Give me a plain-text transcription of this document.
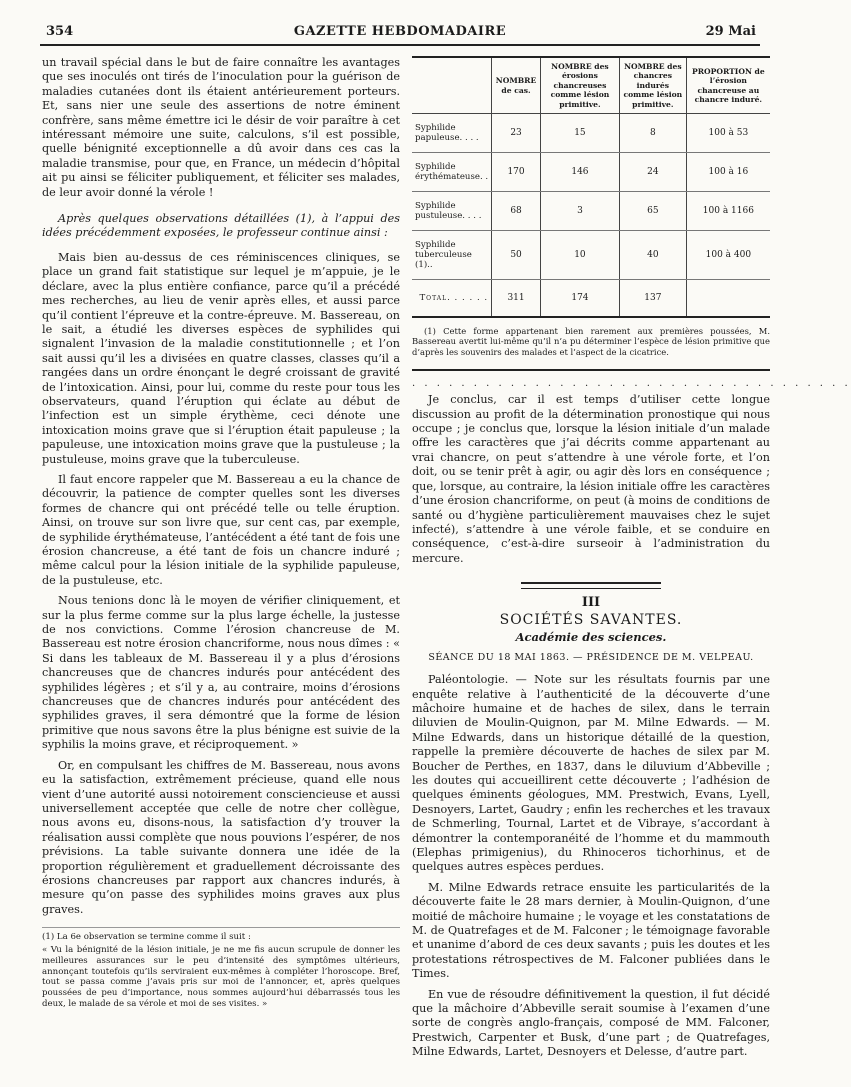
354	GAZETTE HEBDOMADAIRE	29 Mai

un travail spécial dans le but de faire connaître les avantages que ses inoculés ont tirés de l’inoculation pour la guérison de maladies cutanées dont ils étaient antérieurement porteurs. Et, sans nier une seule des assertions de notre éminent confrère, sans même émettre ici le désir de voir paraître à cet intéressant mémoire une suite, calculons, s’il est possible, quelle bénignité exceptionnelle a dû avoir dans ces cas la maladie transmise, pour que, en France, un médecin d’hôpital ait pu ainsi se féliciter publiquement, et féliciter ses malades, de leur avoir donné la vérole !

Après quelques observations détaillées (1), à l’appui des idées précédemment exposées, le professeur continue ainsi :

Mais bien au-dessus de ces réminiscences cliniques, se place un grand fait statistique sur lequel je m’appuie, je le déclare, avec la plus entière confiance, parce qu’il a précédé mes recherches, au lieu de venir après elles, et aussi parce qu’il contient l’épreuve et la contre-épreuve. M. Bassereau, on le sait, a étudié les diverses espèces de syphilides qui signalent l’invasion de la maladie constitutionnelle ; et l’on sait aussi qu’il les a divisées en quatre classes, classes qu’il a rangées dans un ordre énonçant le degré croissant de gravité de l’intoxication. Ainsi, pour lui, comme du reste pour tous les observateurs, quand l’éruption qui éclate au début de l’infection est un simple érythème, ceci dénote une intoxication moins grave que si l’éruption était papuleuse ; la papuleuse, une intoxication moins grave que la pustuleuse ; la pustuleuse, moins grave que la tuberculeuse.

Il faut encore rappeler que M. Bassereau a eu la chance de découvrir, la patience de compter quelles sont les diverses formes de chancre qui ont précédé telle ou telle éruption. Ainsi, on trouve sur son livre que, sur cent cas, par exemple, de syphilide érythémateuse, l’antécédent a été tant de fois une érosion chancreuse, a été tant de fois un chancre induré ; même calcul pour la lésion initiale de la syphilide papuleuse, de la pustuleuse, etc.

Nous tenions donc là le moyen de vérifier cliniquement, et sur la plus ferme comme sur la plus large échelle, la justesse de nos convictions. Comme l’érosion chancreuse de M. Bassereau est notre érosion chancriforme, nous nous dîmes : « Si dans les tableaux de M. Bassereau il y a plus d’érosions chancreuses que de chancres indurés pour antécédent des syphilides légères ; et s’il y a, au contraire, moins d’érosions chancreuses que de chancres indurés pour antécédent des syphilides graves, il sera démontré que la forme de lésion primitive que nous savons être la plus bénigne est suivie de la syphilis la moins grave, et réciproquement. »

Or, en compulsant les chiffres de M. Bassereau, nous avons eu la satisfaction, extrêmement précieuse, quand elle nous vient d’une autorité aussi notoirement consciencieuse et aussi universellement acceptée que celle de notre cher collègue, nous avons eu, disons-nous, la satisfaction d’y trouver la réalisation aussi complète que nous pouvions l’espérer, de nos prévisions. La table suivante donnera une idée de la proportion régulièrement et graduellement décroissante des érosions chancreuses par rapport aux chancres indurés, à mesure qu’on passe des syphilides moins graves aux plus graves.

(1) La 6e observation se termine comme il suit :

« Vu la bénignité de la lésion initiale, je ne me fis aucun scrupule de donner les meilleures assurances sur le peu d’intensité des symptômes ultérieurs, annonçant toutefois qu’ils serviraient eux-mêmes à compléter l’horoscope. Bref, tout se passa comme j’avais pris sur moi de l’annoncer, et, après quelques poussées de peu d’importance, nous sommes aujourd’hui débarrassés tous les deux, le malade de sa vérole et moi de ses visites. »

	NOMBRE de cas.	NOMBRE des érosions chancreuses comme lésion primitive.	NOMBRE des chancres indurés comme lésion primitive.	PROPORTION de l’érosion chancreuse au chancre induré.
Syphilide papuleuse. . . .	23	15	8	100 à 53
Syphilide érythémateuse. .	170	146	24	100 à 16
Syphilide pustuleuse. . . .	68	3	65	100 à 1166
Syphilide tuberculeuse (1)..	50	10	40	100 à 400
Total. . . . . .	311	174	137	
(1) Cette forme appartenant bien rarement aux premières poussées, M. Bassereau avertit lui-même qu’il n’a pu déterminer l’espèce de lésion primitive que d’après les souvenirs des malades et l’aspect de la cicatrice.
. . . . . . . . . . . . . . . . . . . . . . . . . . . . . . . . . . . .

Je conclus, car il est temps d’utiliser cette longue discussion au profit de la détermination pronostique qui nous occupe ; je conclus que, lorsque la lésion initiale d’un malade offre les caractères que j’ai décrits comme appartenant au vrai chancre, on peut s’attendre à une vérole forte, et l’on doit, ou se tenir prêt à agir, ou agir dès lors en conséquence ; que, lorsque, au contraire, la lésion initiale offre les caractères d’une érosion chancriforme, on peut (à moins de conditions de santé ou d’hygiène particulièrement mauvaises chez le sujet infecté), s’attendre à une vérole faible, et se conduire en conséquence, c’est-à-dire surseoir à l’administration du mercure.

III
SOCIÉTÉS SAVANTES.
Académie des sciences.
SÉANCE DU 18 MAI 1863. — PRÉSIDENCE DE M. VELPEAU.

Paléontologie. — Note sur les résultats fournis par une enquête relative à l’authenticité de la découverte d’une mâchoire humaine et de haches de silex, dans le terrain diluvien de Moulin-Quignon, par M. Milne Edwards. — M. Milne Edwards, dans un historique détaillé de la question, rappelle la première découverte de haches de silex par M. Boucher de Perthes, en 1837, dans le diluvium d’Abbeville ; les doutes qui accueillirent cette découverte ; l’adhésion de quelques éminents géologues, MM. Prestwich, Evans, Lyell, Desnoyers, Lartet, Gaudry ; enfin les recherches et les travaux de Schmerling, Tournal, Lartet et de Vibraye, s’accordant à démontrer la contemporanéité de l’homme et du mammouth (Elephas primigenius), du Rhinoceros tichorhinus, et de quelques autres espèces perdues.

M. Milne Edwards retrace ensuite les particularités de la découverte faite le 28 mars dernier, à Moulin-Quignon, d’une moitié de mâchoire humaine ; le voyage et les constatations de M. de Quatrefages et de M. Falconer ; le témoignage favorable et unanime d’abord de ces deux savants ; puis les doutes et les protestations rétrospectives de M. Falconer publiées dans le Times.

En vue de résoudre définitivement la question, il fut décidé que la mâchoire d’Abbeville serait soumise à l’examen d’une sorte de congrès anglo-français, composé de MM. Falconer, Prestwich, Carpenter et Busk, d’une part ; de Quatrefages, Milne Edwards, Lartet, Desnoyers et Delesse, d’autre part.
